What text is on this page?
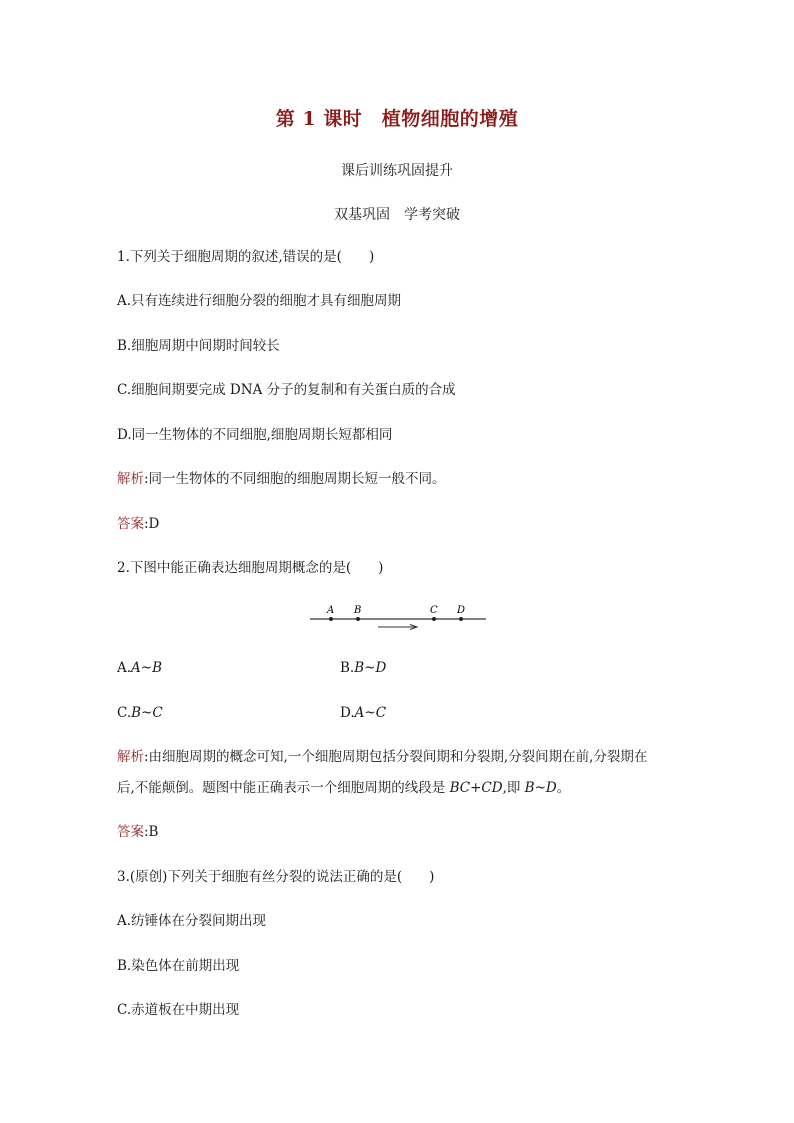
第 1 课时　植物细胞的增殖
课后训练巩固提升
双基巩固　学考突破
1.下列关于细胞周期的叙述,错误的是(　　)
A.只有连续进行细胞分裂的细胞才具有细胞周期
B.细胞周期中间期时间较长
C.细胞间期要完成 DNA 分子的复制和有关蛋白质的合成
D.同一生物体的不同细胞,细胞周期长短都相同
解析:同一生物体的不同细胞的细胞周期长短一般不同。
答案:D
2.下图中能正确表达细胞周期概念的是(　　)
A B	C D
A.A~B	B.B~D
C.B~C	D.A~C
解析:由细胞周期的概念可知,一个细胞周期包括分裂间期和分裂期,分裂间期在前,分裂期在
后,不能颠倒。题图中能正确表示一个细胞周期的线段是 BC+CD,即 B~D。
答案:B
3.(原创)下列关于细胞有丝分裂的说法正确的是(　　)
A.纺锤体在分裂间期出现
B.染色体在前期出现
C.赤道板在中期出现
